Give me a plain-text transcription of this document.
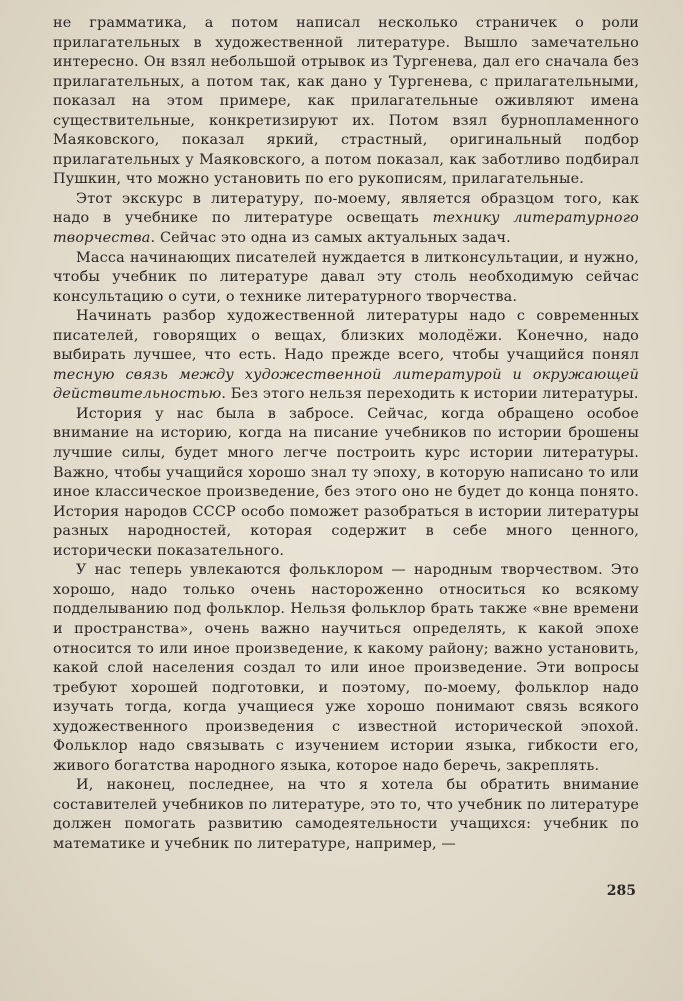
не грамматика, а потом написал несколько страничек о роли прилагательных в художественной литературе. Вышло замечательно интересно. Он взял небольшой отрывок из Тургенева, дал его сначала без прилагательных, а потом так, как дано у Тургенева, с прилагательными, показал на этом примере, как прилагательные оживляют имена существительные, конкретизируют их. Потом взял бурнопламенного Маяковского, показал яркий, страстный, оригинальный подбор прилагательных у Маяковского, а потом показал, как заботливо подбирал Пушкин, что можно установить по его рукописям, прилагательные.

Этот экскурс в литературу, по-моему, является образцом того, как надо в учебнике по литературе освещать технику литературного творчества. Сейчас это одна из самых актуальных задач.

Масса начинающих писателей нуждается в литконсультации, и нужно, чтобы учебник по литературе давал эту столь необходимую сейчас консультацию о сути, о технике литературного творчества.

Начинать разбор художественной литературы надо с современных писателей, говорящих о вещах, близких молодёжи. Конечно, надо выбирать лучшее, что есть. Надо прежде всего, чтобы учащийся понял тесную связь между художественной литературой и окружающей действительностью. Без этого нельзя переходить к истории литературы.

История у нас была в забросе. Сейчас, когда обращено особое внимание на историю, когда на писание учебников по истории брошены лучшие силы, будет много легче построить курс истории литературы. Важно, чтобы учащийся хорошо знал ту эпоху, в которую написано то или иное классическое произведение, без этого оно не будет до конца понято. История народов СССР особо поможет разобраться в истории литературы разных народностей, которая содержит в себе много ценного, исторически показательного.

У нас теперь увлекаются фольклором — народным творчеством. Это хорошо, надо только очень настороженно относиться ко всякому подделыванию под фольклор. Нельзя фольклор брать также «вне времени и пространства», очень важно научиться определять, к какой эпохе относится то или иное произведение, к какому району; важно установить, какой слой населения создал то или иное произведение. Эти вопросы требуют хорошей подготовки, и поэтому, по-моему, фольклор надо изучать тогда, когда учащиеся уже хорошо понимают связь всякого художественного произведения с известной исторической эпохой. Фольклор надо связывать с изучением истории языка, гибкости его, живого богатства народного языка, которое надо беречь, закреплять.

И, наконец, последнее, на что я хотела бы обратить внимание составителей учебников по литературе, это то, что учебник по литературе должен помогать развитию самодеятельности учащихся: учебник по математике и учебник по литературе, например, —

285
